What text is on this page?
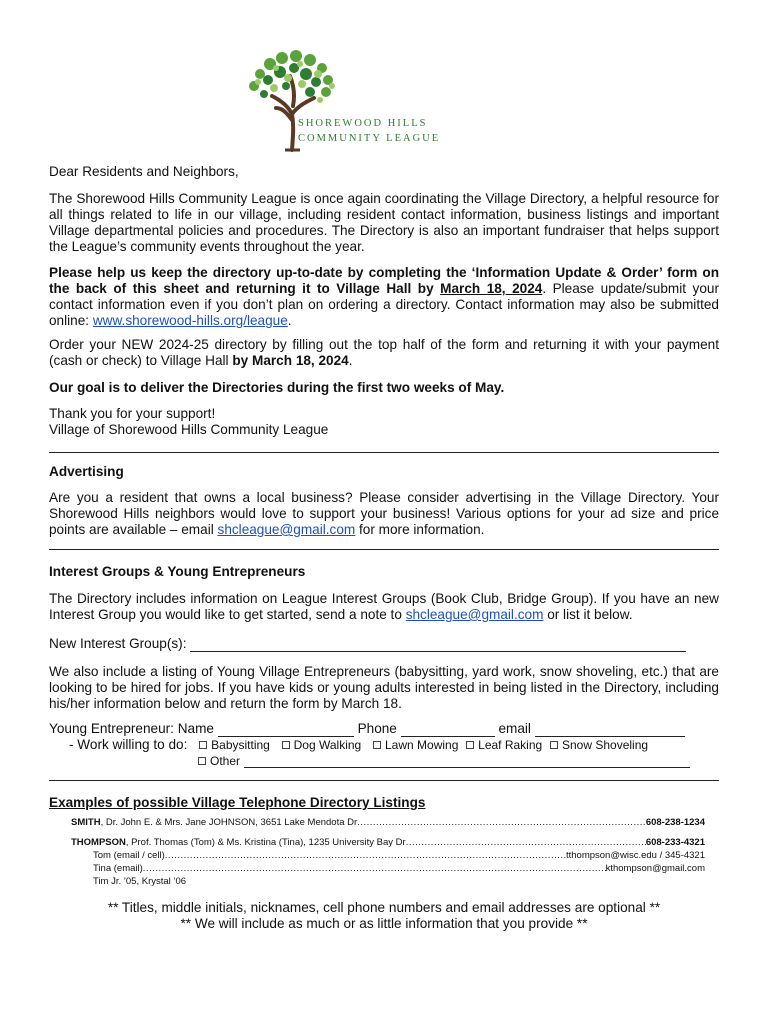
SHOREWOOD HILLS
COMMUNITY LEAGUE
Dear Residents and Neighbors,
The Shorewood Hills Community League is once again coordinating the Village Directory, a helpful resource for all things related to life in our village, including resident contact information, business listings and important Village departmental policies and procedures. The Directory is also an important fundraiser that helps support the League’s community events throughout the year.
Please help us keep the directory up-to-date by completing the ‘Information Update & Order’ form on the back of this sheet and returning it to Village Hall by March 18, 2024. Please update/submit your contact information even if you don’t plan on ordering a directory. Contact information may also be submitted online: www.shorewood-hills.org/league.
Order your NEW 2024-25 directory by filling out the top half of the form and returning it with your payment (cash or check) to Village Hall by March 18, 2024.
Our goal is to deliver the Directories during the first two weeks of May.
Thank you for your support!
Village of Shorewood Hills Community League
Advertising
Are you a resident that owns a local business? Please consider advertising in the Village Directory. Your Shorewood Hills neighbors would love to support your business! Various options for your ad size and price points are available – email shcleague@gmail.com for more information.
Interest Groups & Young Entrepreneurs
The Directory includes information on League Interest Groups (Book Club, Bridge Group). If you have an new Interest Group you would like to get started, send a note to shcleague@gmail.com or list it below.
New Interest Group(s):
We also include a listing of Young Village Entrepreneurs (babysitting, yard work, snow shoveling, etc.) that are looking to be hired for jobs. If you have kids or young adults interested in being listed in the Directory, including his/her information below and return the form by March 18.
Young Entrepreneur: Name	Phone	email
- Work willing to do: Babysitting Dog Walking Lawn Mowing Leaf Raking Snow Shoveling
Other
Examples of possible Village Telephone Directory Listings
SMITH, Dr. John E. & Mrs. Jane JOHNSON, 3651 Lake Mendota Dr .....	608-238-1234
THOMPSON, Prof. Thomas (Tom) & Ms. Kristina (Tina), 1235 University Bay Dr .....	608-233-4321
Tom (email / cell) .....	tthompson@wisc.edu / 345-4321
Tina (email) .....	kthompson@gmail.com
Tim Jr. ’05, Krystal ’06
** Titles, middle initials, nicknames, cell phone numbers and email addresses are optional **
** We will include as much or as little information that you provide **
